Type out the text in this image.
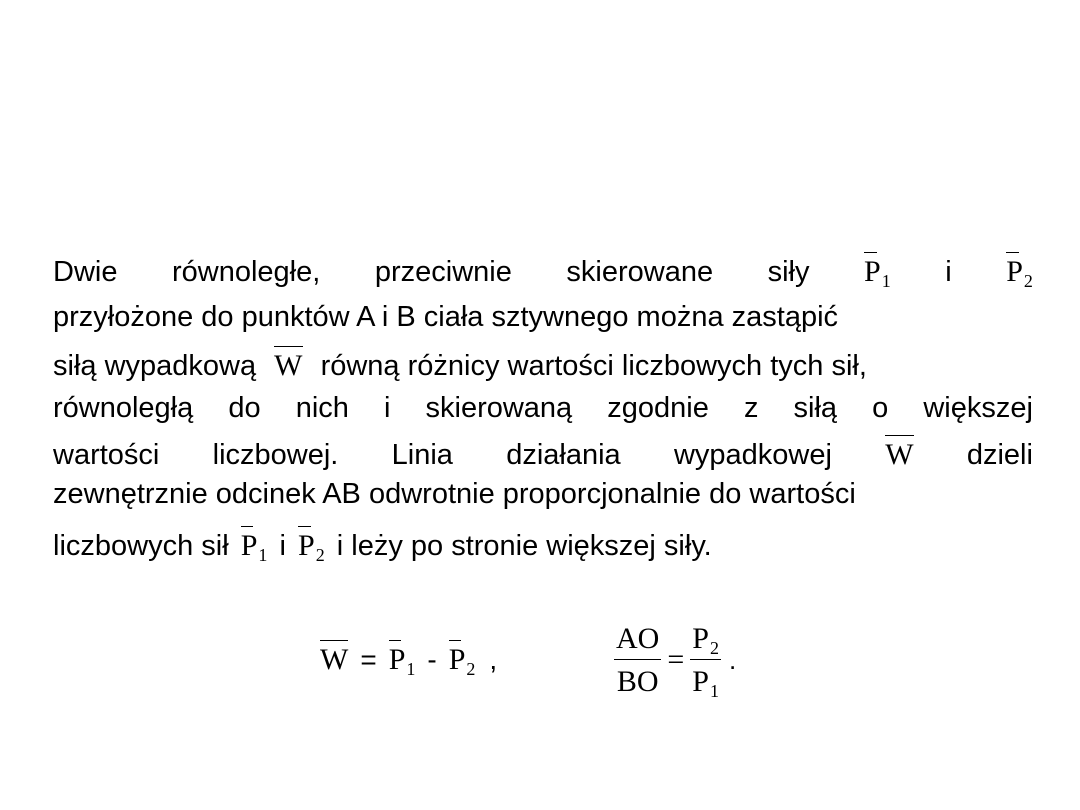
Dwie równoległe, przeciwnie skierowane siły $P_1$ i $P_2$
przyłożone do punktów A i B ciała sztywnego można zastąpić
siłą wypadkową W równą różnicy wartości liczbowych tych sił,
równoległą do nich i skierowaną zgodnie z siłą o większej
wartości liczbowej. Linia działania wypadkowej W dzieli
zewnętrznie odcinek AB odwrotnie proporcjonalnie do wartości
liczbowych sił $P_1$ i $P_2$ i leży po stronie większej siły.
$W = P_1 - P_2$ ,	$\frac{AO}{BO} = \frac{P_2}{P_1}$ .
